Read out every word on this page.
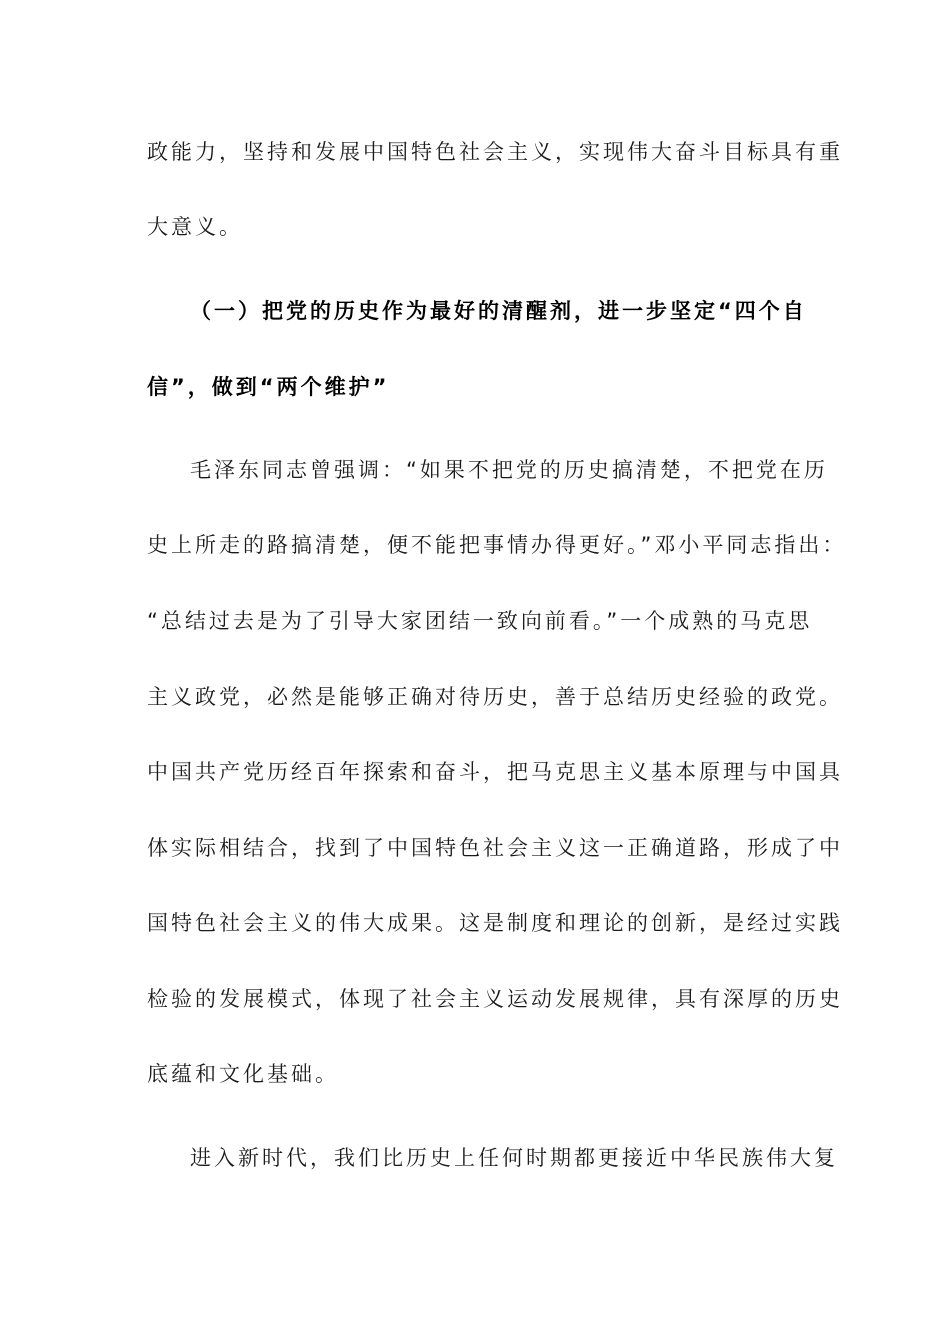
政能力，坚持和发展中国特色社会主义，实现伟大奋斗目标具有重
大意义。
（一）把党的历史作为最好的清醒剂，进一步坚定“四个自
信”，做到“两个维护”
毛泽东同志曾强调：“如果不把党的历史搞清楚，不把党在历
史上所走的路搞清楚，便不能把事情办得更好。”邓小平同志指出：
“总结过去是为了引导大家团结一致向前看。”一个成熟的马克思
主义政党，必然是能够正确对待历史，善于总结历史经验的政党。
中国共产党历经百年探索和奋斗，把马克思主义基本原理与中国具
体实际相结合，找到了中国特色社会主义这一正确道路，形成了中
国特色社会主义的伟大成果。这是制度和理论的创新，是经过实践
检验的发展模式，体现了社会主义运动发展规律，具有深厚的历史
底蕴和文化基础。
进入新时代，我们比历史上任何时期都更接近中华民族伟大复
